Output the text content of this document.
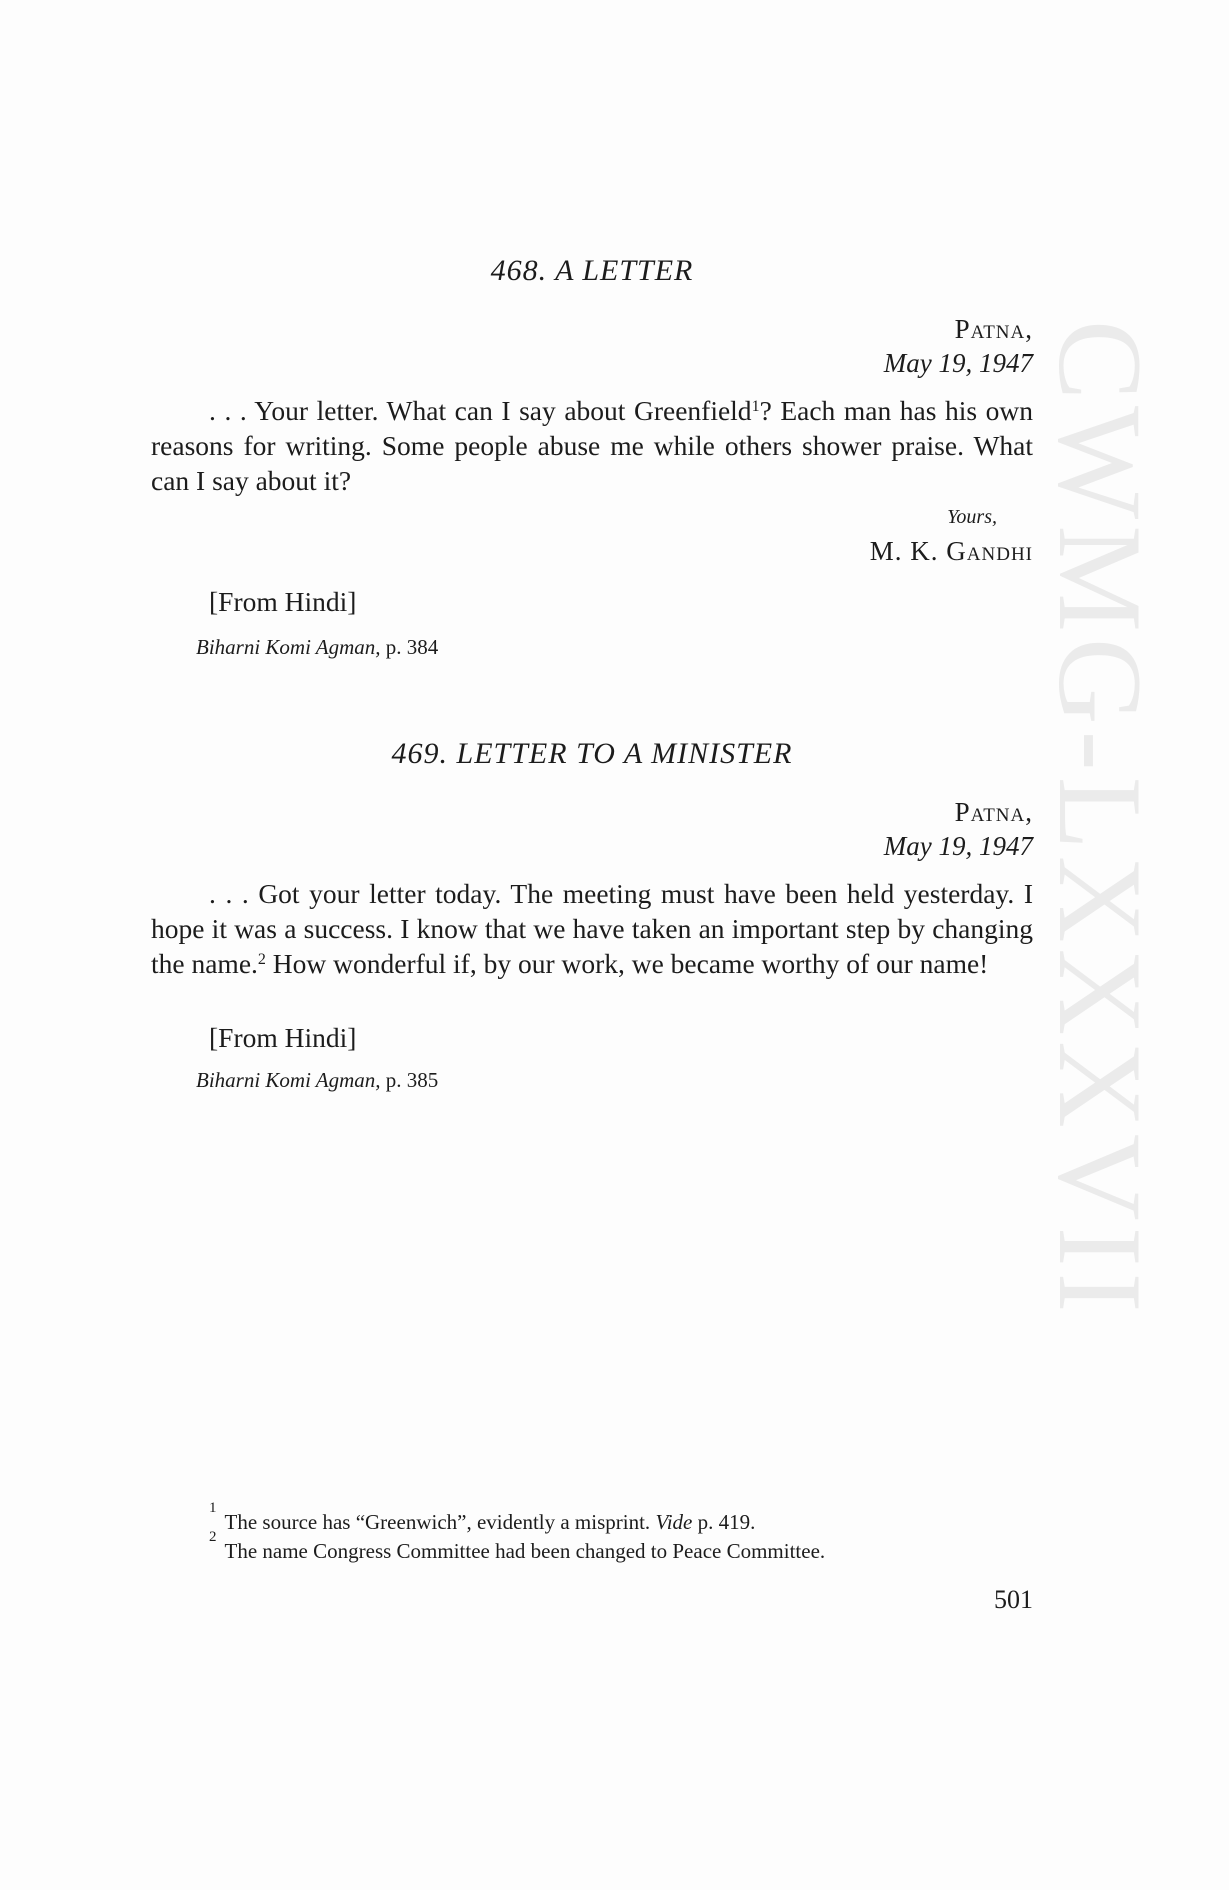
CWMG-LXXXVII
468. A LETTER
Patna,
May 19, 1947

. . . Your letter. What can I say about Greenfield$^1$? Each man has his own reasons for writing. Some people abuse me while others shower praise. What can I say about it?

Yours,
M. K. Gandhi
[From Hindi]
Biharni Komi Agman, p. 384
469. LETTER TO A MINISTER
Patna,
May 19, 1947

. . . Got your letter today. The meeting must have been held yesterday. I hope it was a success. I know that we have taken an important step by changing the name.$^2$ How wonderful if, by our work, we became worthy of our name!

[From Hindi]
Biharni Komi Agman, p. 385
1
The source has “Greenwich”, evidently a misprint. Vide p. 419.
2
The name Congress Committee had been changed to Peace Committee.
501
